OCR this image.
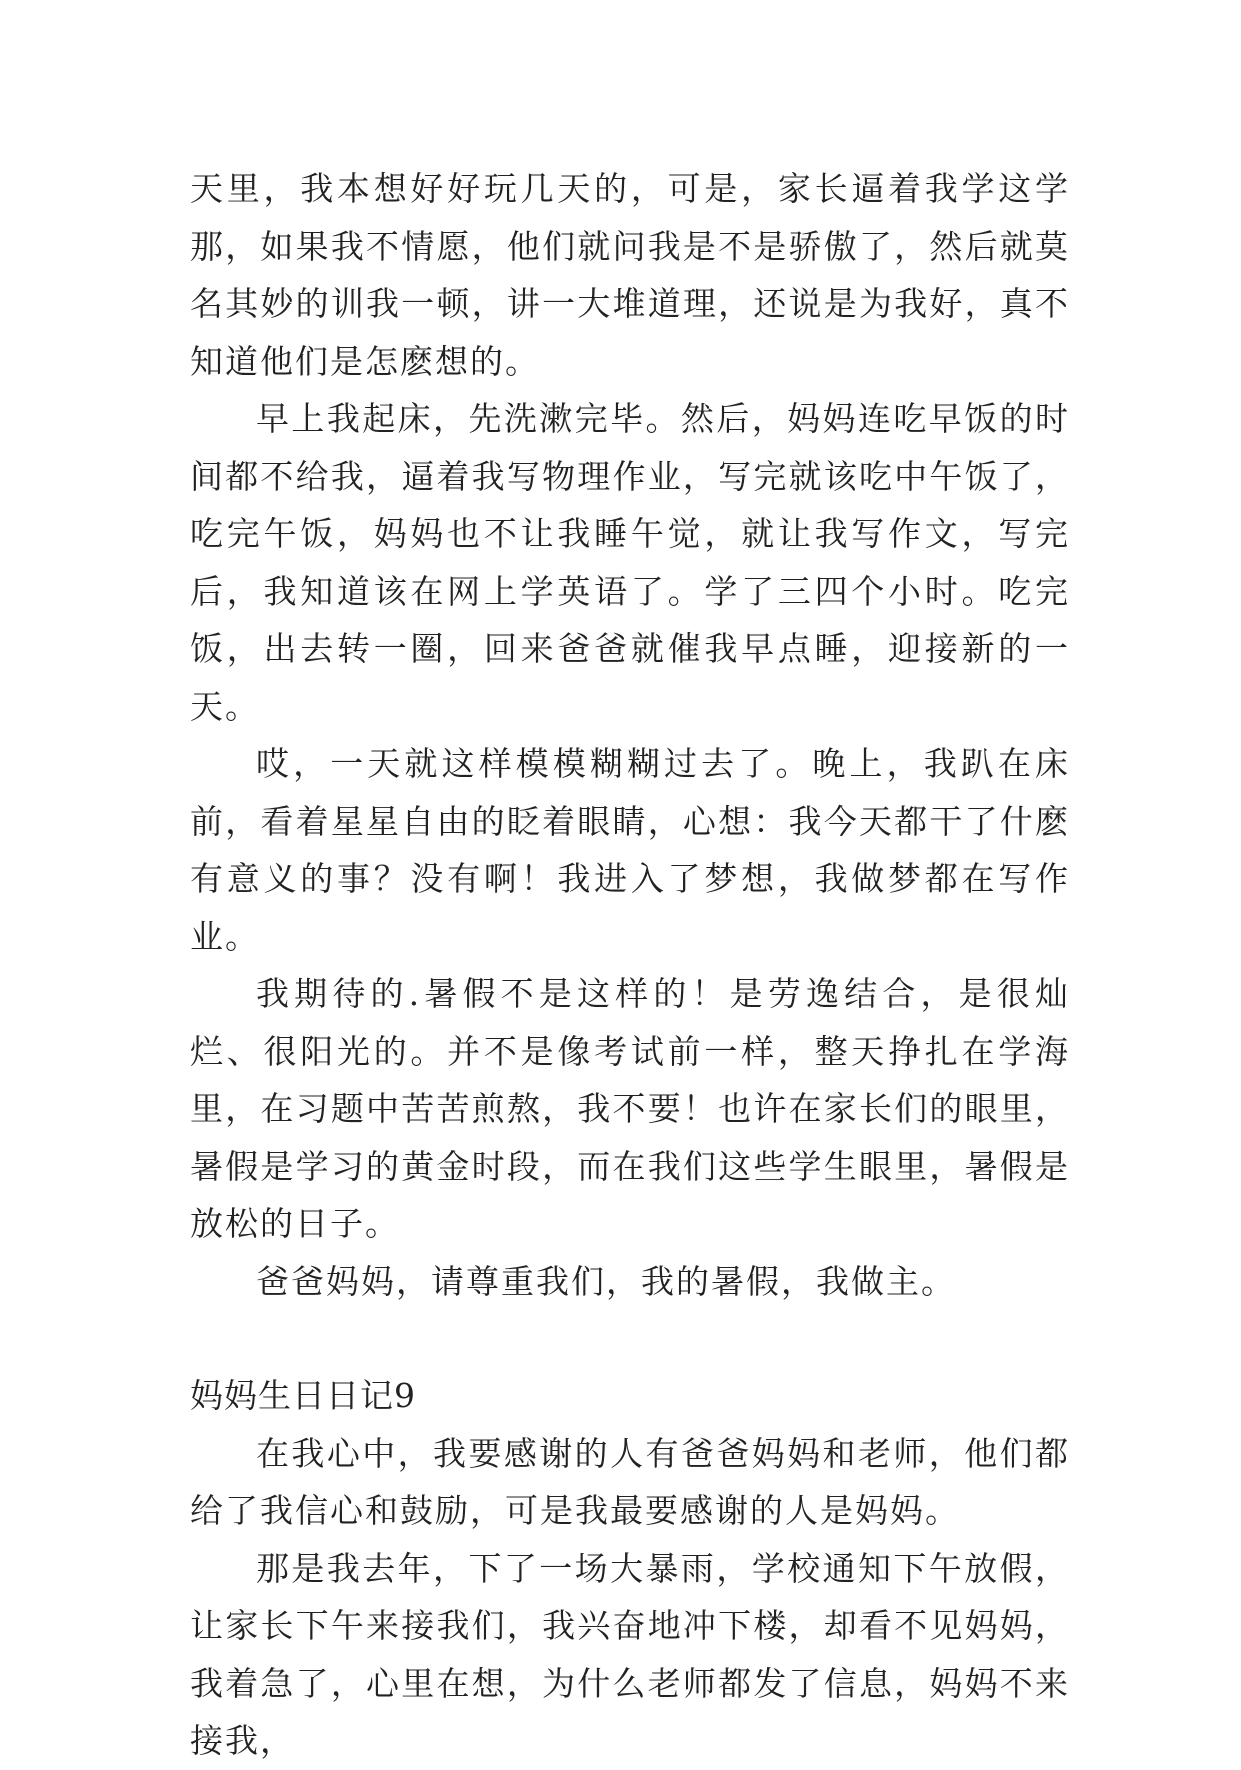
天里，我本想好好玩几天的，可是，家长逼着我学这学那，如果我不情愿，他们就问我是不是骄傲了，然后就莫名其妙的训我一顿，讲一大堆道理，还说是为我好，真不知道他们是怎麽想的。

早上我起床，先洗漱完毕。然后，妈妈连吃早饭的时间都不给我，逼着我写物理作业，写完就该吃中午饭了，吃完午饭，妈妈也不让我睡午觉，就让我写作文，写完后，我知道该在网上学英语了。学了三四个小时。吃完饭，出去转一圈，回来爸爸就催我早点睡，迎接新的一天。

哎，一天就这样模模糊糊过去了。晚上，我趴在床前，看着星星自由的眨着眼睛，心想：我今天都干了什麽有意义的事？没有啊！我进入了梦想，我做梦都在写作业。

我期待的.暑假不是这样的！是劳逸结合，是很灿烂、很阳光的。并不是像考试前一样，整天挣扎在学海里，在习题中苦苦煎熬，我不要！也许在家长们的眼里，暑假是学习的黄金时段，而在我们这些学生眼里，暑假是放松的日子。

爸爸妈妈，请尊重我们，我的暑假，我做主。

妈妈生日日记9

在我心中，我要感谢的人有爸爸妈妈和老师，他们都给了我信心和鼓励，可是我最要感谢的人是妈妈。

那是我去年，下了一场大暴雨，学校通知下午放假，让家长下午来接我们，我兴奋地冲下楼，却看不见妈妈，我着急了，心里在想，为什么老师都发了信息，妈妈不来接我，
